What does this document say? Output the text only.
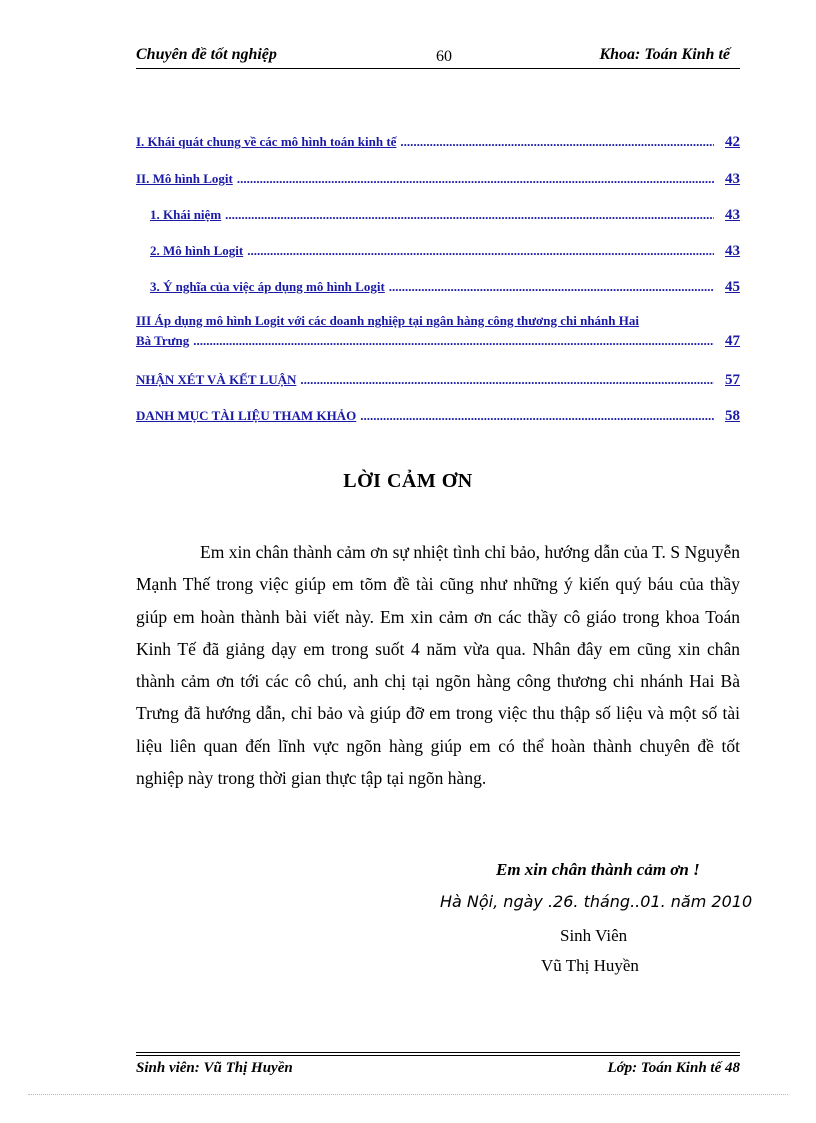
Chuyên đề tốt nghiệp	60	Khoa: Toán Kinh tế
I. Khái quát chung về các mô hình toán kinh tế .....	42
II. Mô hình Logit .....	43
1. Khái niệm .....	43
2. Mô hình Logit .....	43
3. Ý nghĩa của việc áp dụng mô hình Logit .....	45
III Áp dụng mô hình Logit với các doanh nghiệp tại ngân hàng công thương chi nhánh Hai
Bà Trưng .....	47
NHẬN XÉT VÀ KẾT LUẬN .....	57
DANH MỤC TÀI LIỆU THAM KHẢO .....	58
LỜI CẢM ƠN
Em xin chân thành cảm ơn sự nhiệt tình chỉ bảo, hướng dẫn của T. S Nguyễn Mạnh Thế trong việc giúp em tõm đề tài cũng như những ý kiến quý báu của thầy giúp em hoàn thành bài viết này. Em xin cảm ơn các thầy cô giáo trong khoa Toán Kinh Tế đã giảng dạy em trong suốt 4 năm vừa qua. Nhân đây em cũng xin chân thành cảm ơn tới các cô chú, anh chị tại ngõn hàng công thương chi nhánh Hai Bà Trưng đã hướng dẫn, chỉ bảo và giúp đỡ em trong việc thu thập số liệu và một số tài liệu liên quan đến lĩnh vực ngõn hàng giúp em có thể hoàn thành chuyên đề tốt nghiệp này trong thời gian thực tập tại ngõn hàng.
Em xin chân thành cảm ơn !
Hà Nội, ngày .26. tháng..01. năm 2010
Sinh Viên
Vũ Thị Huyền
Sinh viên: Vũ Thị Huyền	Lớp: Toán Kinh tế 48
